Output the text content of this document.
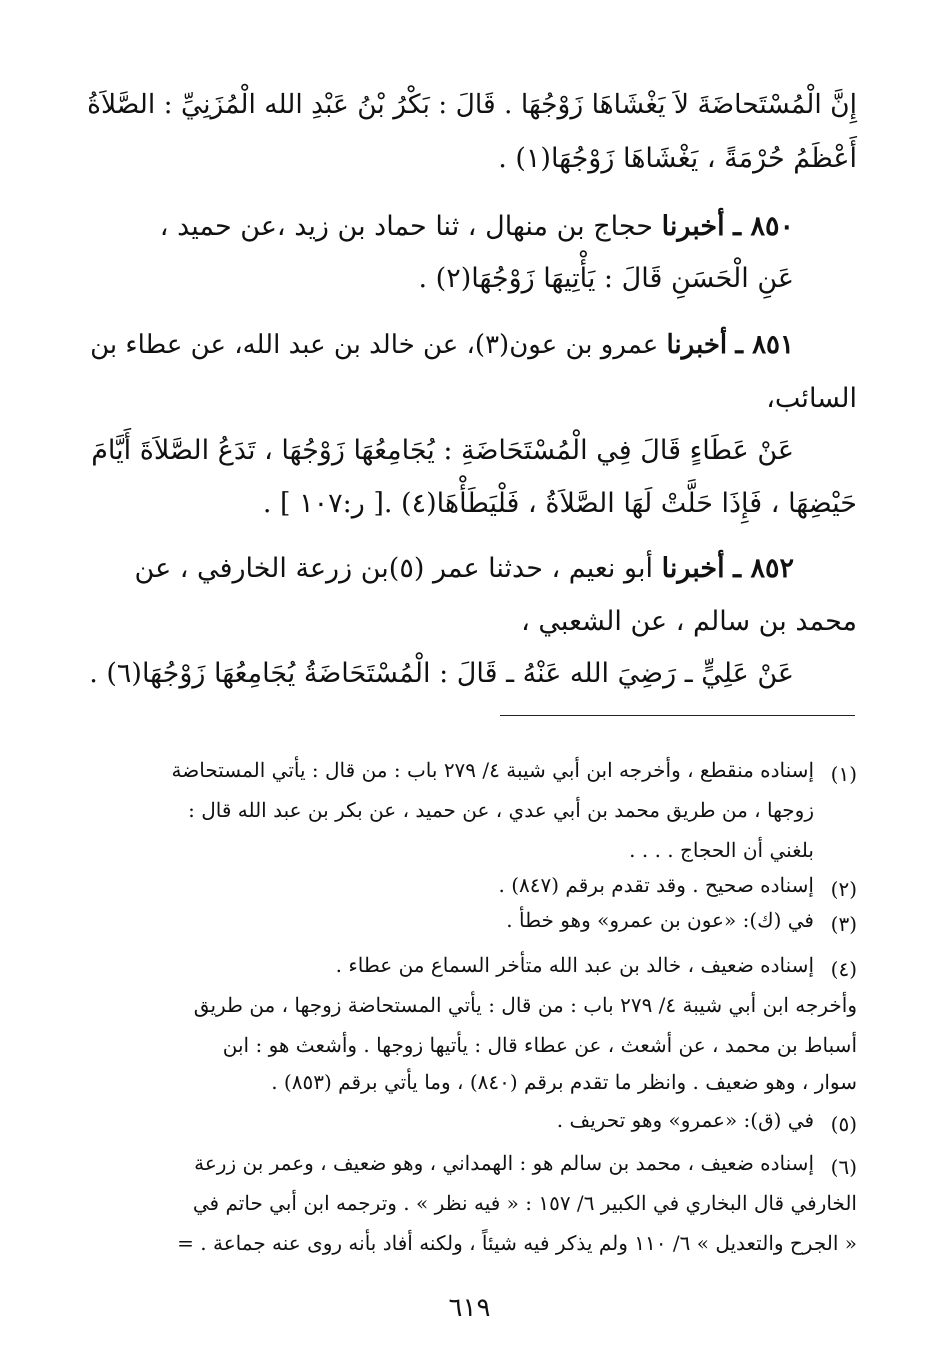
إِنَّ الْمُسْتَحاضَةَ لاَ يَغْشَاهَا زَوْجُهَا . قَالَ : بَكْرُ بْنُ عَبْدِ الله الْمُزَنِيِّ : الصَّلاَةُ
أَعْظَمُ حُرْمَةً ، يَغْشَاهَا زَوْجُهَا(١) .
٨٥٠ ـ أخبرنا حجاج بن منهال ، ثنا حماد بن زيد ،عن حميد ،
عَنِ الْحَسَنِ قَالَ : يَأْتِيهَا زَوْجُهَا(٢) .
٨٥١ ـ أخبرنا عمرو بن عون(٣)، عن خالد بن عبد الله، عن عطاء بن
السائب،
عَنْ عَطَاءٍ قَالَ فِي الْمُسْتَحَاضَةِ : يُجَامِعُهَا زَوْجُهَا ، تَدَعُ الصَّلاَةَ أَيَّامَ
حَيْضِهَا ، فَإِذَا حَلَّتْ لَهَا الصَّلاَةُ ، فَلْيَطَأْهَا(٤) .[ ر:١٠٧ ] .
٨٥٢ ـ أخبرنا أبو نعيم ، حدثنا عمر (٥)بن زرعة الخارفي ، عن
محمد بن سالم ، عن الشعبي ،
عَنْ عَلِيٍّ ـ رَضِيَ الله عَنْهُ ـ قَالَ : الْمُسْتَحَاضَةُ يُجَامِعُهَا زَوْجُهَا(٦) .
(١)
إسناده منقطع ، وأخرجه ابن أبي شيبة ٤/ ٢٧٩ باب : من قال : يأتي المستحاضة
زوجها ، من طريق محمد بن أبي عدي ، عن حميد ، عن بكر بن عبد الله قال :
بلغني أن الحجاج . . . .
(٢)
إسناده صحيح . وقد تقدم برقم (٨٤٧) .
(٣)
في (ك): «عون بن عمرو» وهو خطأ .
(٤)
إسناده ضعيف ، خالد بن عبد الله متأخر السماع من عطاء .
وأخرجه ابن أبي شيبة ٤/ ٢٧٩ باب : من قال : يأتي المستحاضة زوجها ، من طريق
أسباط بن محمد ، عن أشعث ، عن عطاء قال : يأتيها زوجها . وأشعث هو : ابن
سوار ، وهو ضعيف . وانظر ما تقدم برقم (٨٤٠) ، وما يأتي برقم (٨٥٣) .
(٥)
في (ق): «عمرو» وهو تحريف .
(٦)
إسناده ضعيف ، محمد بن سالم هو : الهمداني ، وهو ضعيف ، وعمر بن زرعة
الخارفي قال البخاري في الكبير ٦/ ١٥٧ : « فيه نظر » . وترجمه ابن أبي حاتم في
« الجرح والتعديل » ٦/ ١١٠ ولم يذكر فيه شيئاً ، ولكنه أفاد بأنه روى عنه جماعة . =
٦١٩
